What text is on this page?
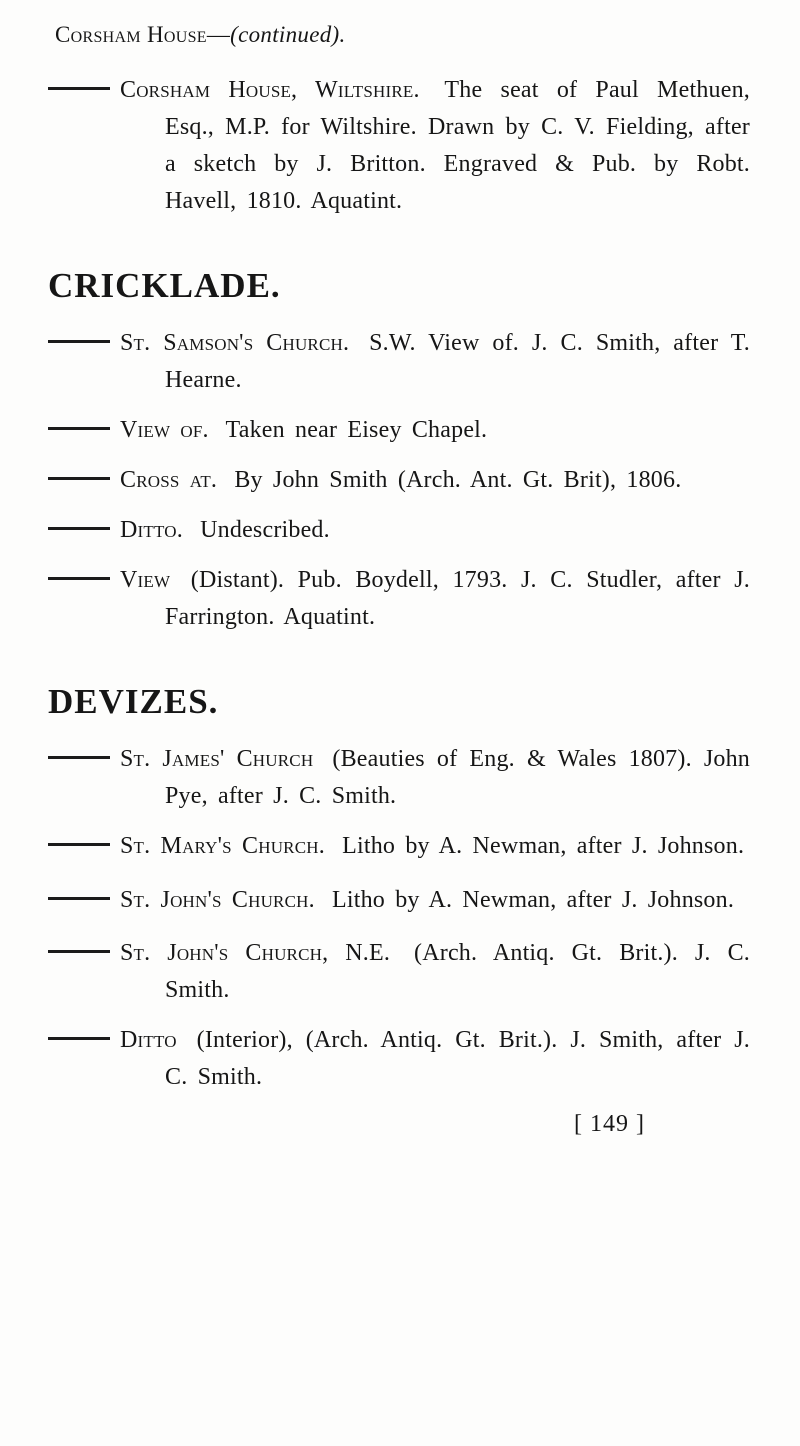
Corsham House—(continued).
Corsham House, Wiltshire. The seat of Paul Methuen, Esq., M.P. for Wiltshire. Drawn by C. V. Fielding, after a sketch by J. Britton. Engraved & Pub. by Robt. Havell, 1810. Aquatint.
CRICKLADE.
St. Samson's Church. S.W. View of. J. C. Smith, after T. Hearne.
View of. Taken near Eisey Chapel.
Cross at. By John Smith (Arch. Ant. Gt. Brit), 1806.
Ditto. Undescribed.
View (Distant). Pub. Boydell, 1793. J. C. Studler, after J. Farrington. Aquatint.
DEVIZES.
St. James' Church (Beauties of Eng. & Wales 1807). John Pye, after J. C. Smith.
St. Mary's Church. Litho by A. Newman, after J. Johnson.
St. John's Church. Litho by A. Newman, after J. Johnson.
St. John's Church, N.E. (Arch. Antiq. Gt. Brit.). J. C. Smith.
Ditto (Interior), (Arch. Antiq. Gt. Brit.). J. Smith, after J. C. Smith.
[ 149 ]
